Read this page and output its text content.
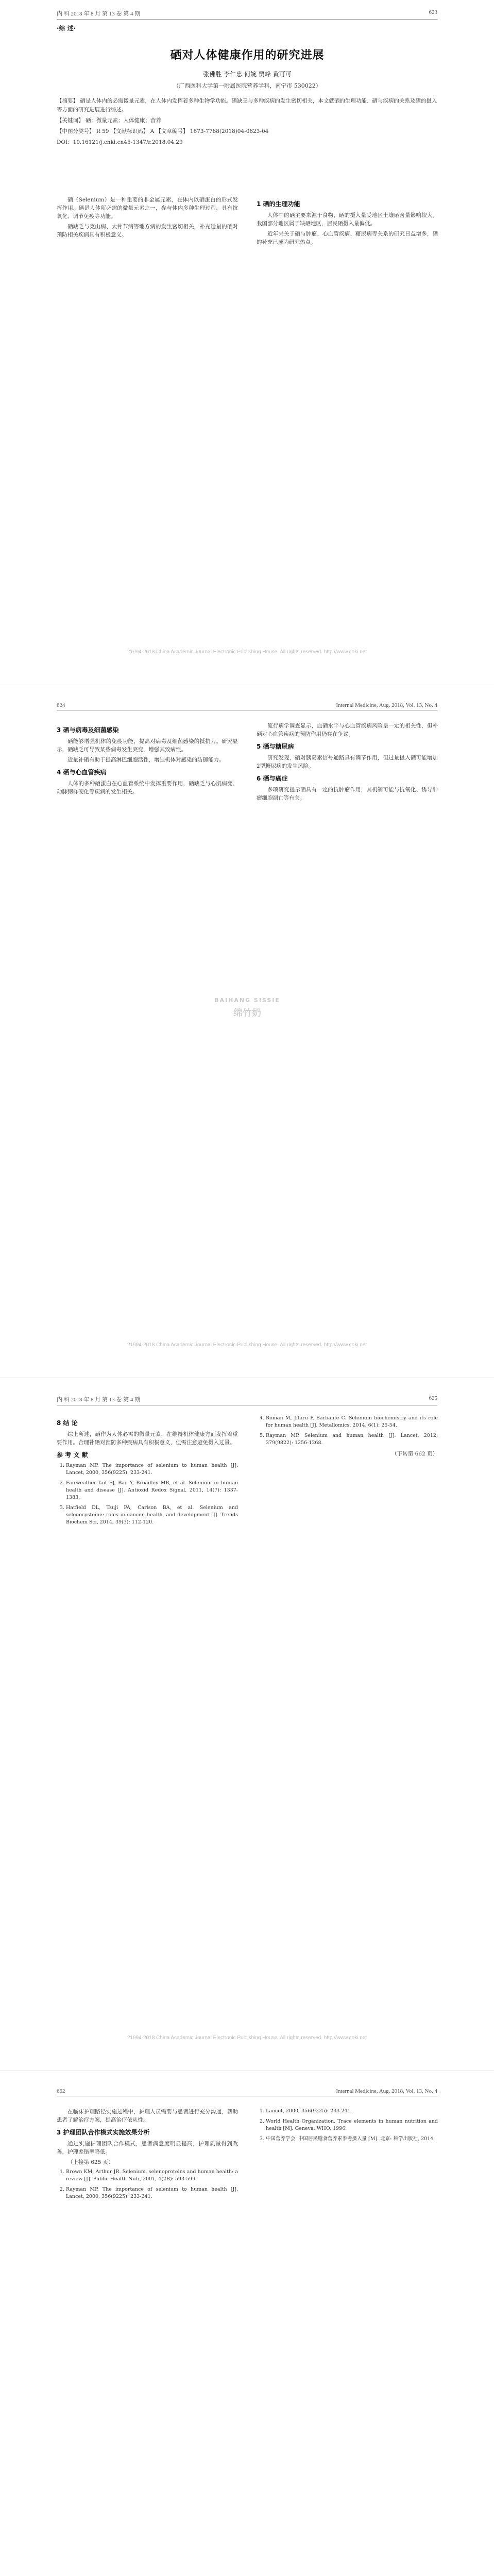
内 科 2018 年 8 月 第 13 卷 第 4 期	623
·综 述·
硒对人体健康作用的研究进展
张佛胜 李仁忠 何婉 贾峰 黄可可
（广西医科大学第一附属医院营养学科，南宁市 530022）

【摘要】 硒是人体内的必需微量元素，在人体内发挥着多种生物学功能。硒缺乏与多种疾病的发生密切相关，本文就硒的生理功能、硒与疾病的关系及硒的摄入等方面的研究进展进行综述。

【关键词】 硒；微量元素；人体健康；营养

【中图分类号】 R 59 【文献标识码】 A 【文章编号】 1673-7768(2018)04-0623-04

DOI：10.16121/j.cnki.cn45-1347/r.2018.04.29

硒（Selenium）是一种重要的非金属元素，在体内以硒蛋白的形式发挥作用。硒是人体所必需的微量元素之一，参与体内多种生理过程，具有抗氧化、调节免疫等功能。

硒缺乏与克山病、大骨节病等地方病的发生密切相关，补充适量的硒对预防相关疾病具有积极意义。

1 硒的生理功能

人体中的硒主要来源于食物，硒的摄入量受地区土壤硒含量影响较大。我国部分地区属于缺硒地区，居民硒摄入量偏低。

近年来关于硒与肿瘤、心血管疾病、糖尿病等关系的研究日益增多，硒的补充已成为研究热点。

?1994-2018 China Academic Journal Electronic Publishing House. All rights reserved. http://www.cnki.net
624	Internal Medicine, Aug. 2018, Vol. 13, No. 4
3 硒与病毒及细菌感染

硒能够增强机体的免疫功能，提高对病毒及细菌感染的抵抗力。研究显示，硒缺乏可导致某些病毒发生突变，增强其致病性。

适量补硒有助于提高淋巴细胞活性，增强机体对感染的防御能力。

4 硒与心血管疾病

人体的多种硒蛋白在心血管系统中发挥重要作用，硒缺乏与心肌病变、动脉粥样硬化等疾病的发生相关。

流行病学调查显示，血硒水平与心血管疾病风险呈一定的相关性，但补硒对心血管疾病的预防作用仍存在争议。

5 硒与糖尿病

研究发现，硒对胰岛素信号通路具有调节作用，但过量摄入硒可能增加2型糖尿病的发生风险。

6 硒与癌症

多项研究提示硒具有一定的抗肿瘤作用，其机制可能与抗氧化、诱导肿瘤细胞凋亡等有关。

BAIHANG SISSIE
绵竹奶
?1994-2018 China Academic Journal Electronic Publishing House. All rights reserved. http://www.cnki.net
内 科 2018 年 8 月 第 13 卷 第 4 期	625
8 结 论

综上所述，硒作为人体必需的微量元素，在维持机体健康方面发挥着重要作用。合理补硒对预防多种疾病具有积极意义，但需注意避免摄入过量。

参 考 文 献
1. Rayman MP. The importance of selenium to human health [J]. Lancet, 2000, 356(9225): 233-241.
2. Fairweather-Tait SJ, Bao Y, Broadley MR, et al. Selenium in human health and disease [J]. Antioxid Redox Signal, 2011, 14(7): 1337-1383.
3. Hatfield DL, Tsuji PA, Carlson BA, et al. Selenium and selenocysteine: roles in cancer, health, and development [J]. Trends Biochem Sci, 2014, 39(3): 112-120.
4. Roman M, Jitaru P, Barbante C. Selenium biochemistry and its role for human health [J]. Metallomics, 2014, 6(1): 25-54.
5. Rayman MP. Selenium and human health [J]. Lancet, 2012, 379(9822): 1256-1268.

（下转第 662 页）

?1994-2018 China Academic Journal Electronic Publishing House. All rights reserved. http://www.cnki.net
662	Internal Medicine, Aug. 2018, Vol. 13, No. 4

在临床护理路径实施过程中，护理人员需要与患者进行充分沟通，帮助患者了解治疗方案，提高治疗依从性。

3 护理团队合作模式实施效果分析

通过实施护理团队合作模式，患者满意度明显提高，护理质量得到改善，护理差错率降低。

（上接第 625 页）

1. Brown KM, Arthur JR. Selenium, selenoproteins and human health: a review [J]. Public Health Nutr, 2001, 4(2B): 593-599.
2. Rayman MP. The importance of selenium to human health [J]. Lancet, 2000, 356(9225): 233-241.
1. Lancet, 2000, 356(9225): 233-241.
2. World Health Organization. Trace elements in human nutrition and health [M]. Geneva: WHO, 1996.
3. 中国营养学会. 中国居民膳食营养素参考摄入量 [M]. 北京: 科学出版社, 2014.
